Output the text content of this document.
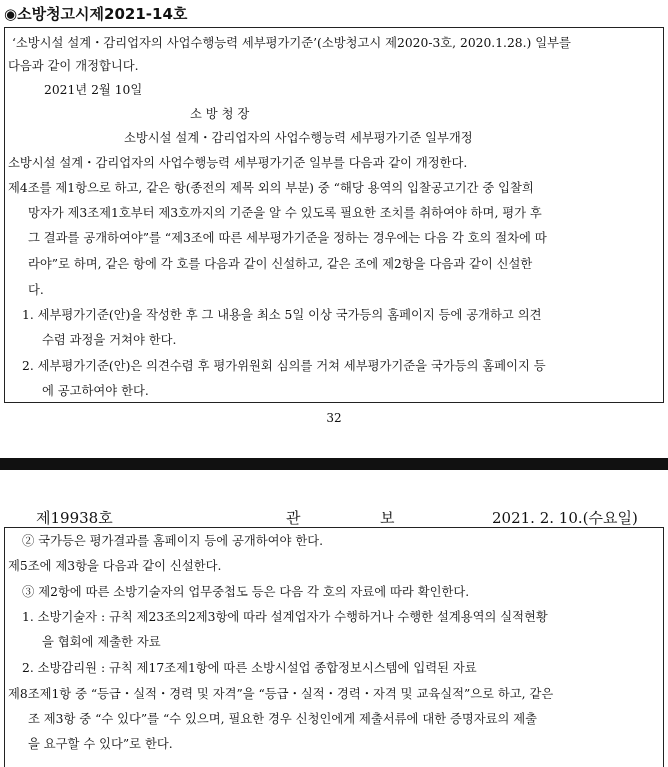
◉소방청고시제2021-14호
‘소방시설 설계・감리업자의 사업수행능력 세부평가기준’(소방청고시 제2020-3호, 2020.1.28.) 일부를
다음과 같이 개정합니다.
2021년 2월 10일
소 방 청 장
소방시설 설계・감리업자의 사업수행능력 세부평가기준 일부개정
소방시설 설계・감리업자의 사업수행능력 세부평가기준 일부를 다음과 같이 개정한다.
제4조를 제1항으로 하고, 같은 항(종전의 제목 외의 부분) 중 “해당 용역의 입찰공고기간 중 입찰희
망자가 제3조제1호부터 제3호까지의 기준을 알 수 있도록 필요한 조치를 취하여야 하며, 평가 후
그 결과를 공개하여야”를 “제3조에 따른 세부평가기준을 정하는 경우에는 다음 각 호의 절차에 따
라야”로 하며, 같은 항에 각 호를 다음과 같이 신설하고, 같은 조에 제2항을 다음과 같이 신설한
다.
1. 세부평가기준(안)을 작성한 후 그 내용을 최소 5일 이상 국가등의 홈페이지 등에 공개하고 의견
수렴 과정을 거쳐야 한다.
2. 세부평가기준(안)은 의견수렴 후 평가위원회 심의를 거쳐 세부평가기준을 국가등의 홈페이지 등
에 공고하여야 한다.
32
제19938호	관	보	2021. 2. 10.(수요일)
② 국가등은 평가결과를 홈페이지 등에 공개하여야 한다.
제5조에 제3항을 다음과 같이 신설한다.
③ 제2항에 따른 소방기술자의 업무중첩도 등은 다음 각 호의 자료에 따라 확인한다.
1. 소방기술자 : 규칙 제23조의2제3항에 따라 설계업자가 수행하거나 수행한 설계용역의 실적현황
을 협회에 제출한 자료
2. 소방감리원 : 규칙 제17조제1항에 따른 소방시설업 종합정보시스템에 입력된 자료
제8조제1항 중 “등급・실적・경력 및 자격”을 “등급・실적・경력・자격 및 교육실적”으로 하고, 같은
조 제3항 중 “수 있다”를 “수 있으며, 필요한 경우 신청인에게 제출서류에 대한 증명자료의 제출
을 요구할 수 있다”로 한다.
